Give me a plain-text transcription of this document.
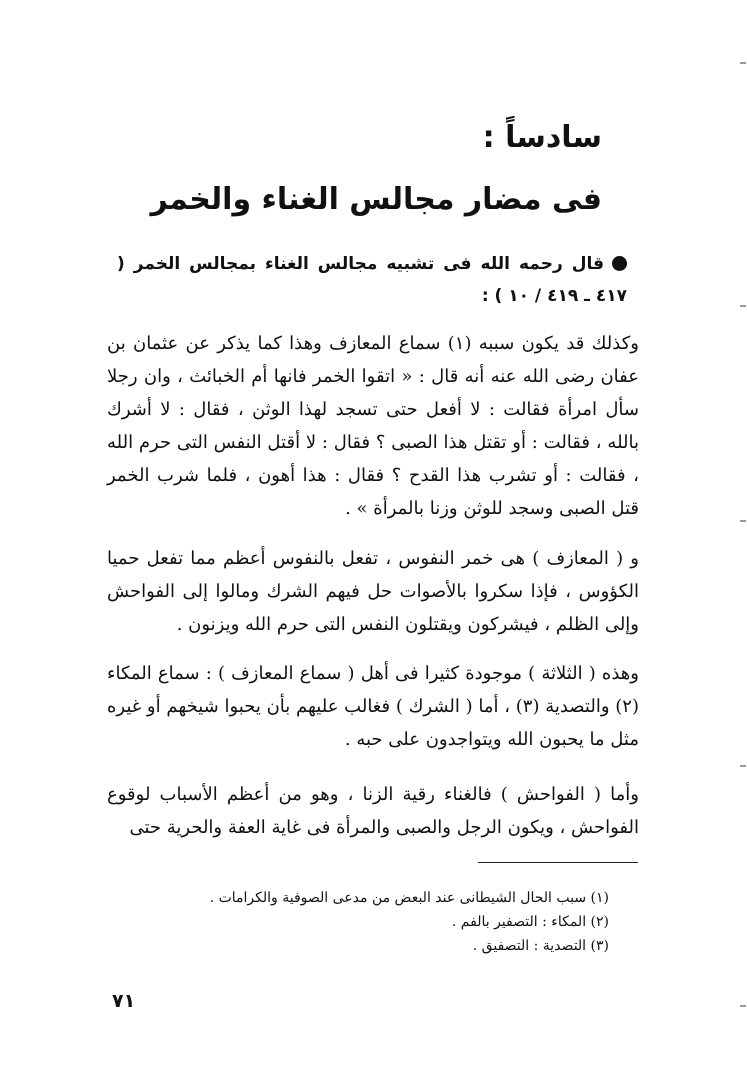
سادساً :
فى مضار مجالس الغناء والخمر
قال رحمه الله فى تشبيه مجالس الغناء بمجالس الخمر ( ٤١٧ ـ ٤١٩ / ١٠ ) :
وكذلك قد يكون سببه (١) سماع المعازف وهذا كما يذكر عن عثمان بن عفان رضى الله عنه أنه قال : « اتقوا الخمر فانها أم الخبائث ، وان رجلا سأل امرأة فقالت : لا أفعل حتى تسجد لهذا الوثن ، فقال : لا أشرك بالله ، فقالت : أو تقتل هذا الصبى ؟ فقال : لا أقتل النفس التى حرم الله ، فقالت : أو تشرب هذا القدح ؟ فقال : هذا أهون ، فلما شرب الخمر قتل الصبى وسجد للوثن وزنا بالمرأة » .
و ( المعازف ) هى خمر النفوس ، تفعل بالنفوس أعظم مما تفعل حميا الكؤوس ، فإذا سكروا بالأصوات حل فيهم الشرك ومالوا إلى الفواحش وإلى الظلم ، فيشركون ويقتلون النفس التى حرم الله ويزنون .
وهذه ( الثلاثة ) موجودة كثيرا فى أهل ( سماع المعازف ) : سماع المكاء (٢) والتصدية (٣) ، أما ( الشرك ) فغالب عليهم بأن يحبوا شيخهم أو غيره مثل ما يحبون الله ويتواجدون على حبه .
وأما ( الفواحش ) فالغناء رقية الزنا ، وهو من أعظم الأسباب لوقوع الفواحش ، ويكون الرجل والصبى والمرأة فى غاية العفة والحرية حتى
(١) سبب الحال الشيطانى عند البعض من مدعى الصوفية والكرامات .
(٢) المكاء : التصفير بالفم .
(٣) التصدية : التصفيق .
٧١
